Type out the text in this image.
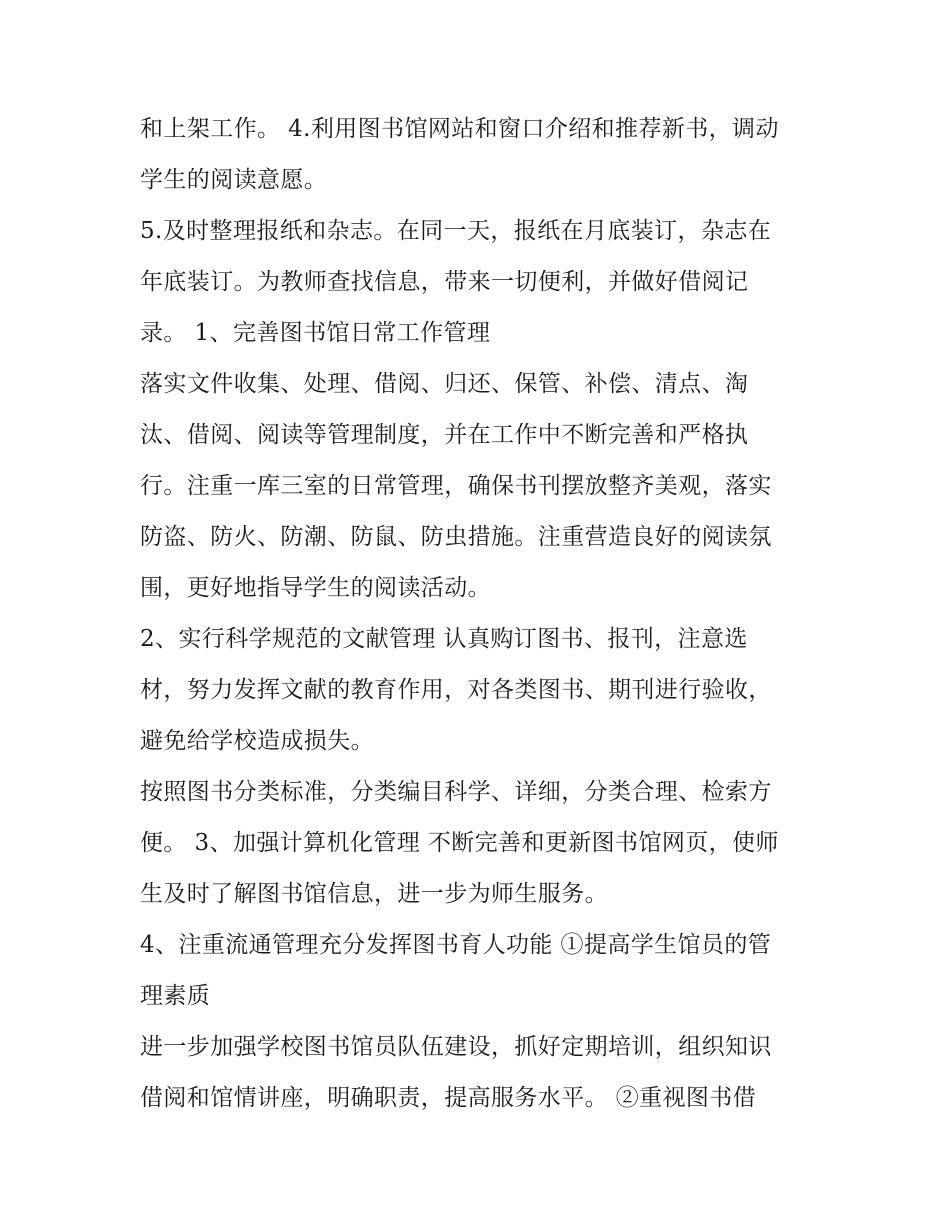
和上架工作。 4.利用图书馆网站和窗口介绍和推荐新书，调动
学生的阅读意愿。
5.及时整理报纸和杂志。在同一天，报纸在月底装订，杂志在
年底装订。为教师查找信息，带来一切便利，并做好借阅记
录。 1、完善图书馆日常工作管理
落实文件收集、处理、借阅、归还、保管、补偿、清点、淘
汰、借阅、阅读等管理制度，并在工作中不断完善和严格执
行。注重一库三室的日常管理，确保书刊摆放整齐美观，落实
防盗、防火、防潮、防鼠、防虫措施。注重营造良好的阅读氛
围，更好地指导学生的阅读活动。
2、实行科学规范的文献管理 认真购订图书、报刊，注意选
材，努力发挥文献的教育作用，对各类图书、期刊进行验收，
避免给学校造成损失。
按照图书分类标准，分类编目科学、详细，分类合理、检索方
便。 3、加强计算机化管理 不断完善和更新图书馆网页，使师
生及时了解图书馆信息，进一步为师生服务。
4、注重流通管理充分发挥图书育人功能 ①提高学生馆员的管
理素质
进一步加强学校图书馆员队伍建设，抓好定期培训，组织知识
借阅和馆情讲座，明确职责，提高服务水平。 ②重视图书借
